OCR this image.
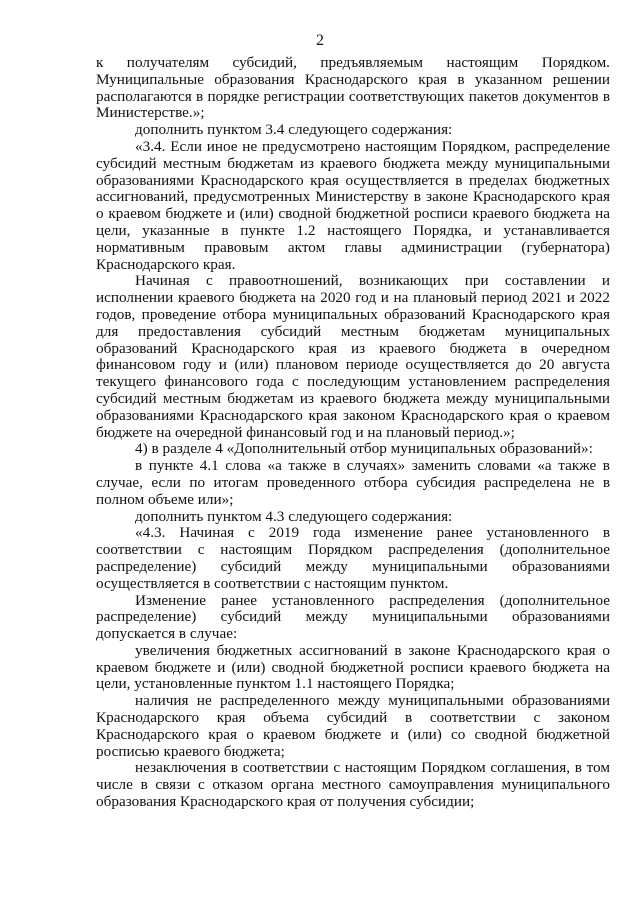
2

к получателям субсидий, предъявляемым настоящим Порядком. Муниципальные образования Краснодарского края в указанном решении располагаются в порядке регистрации соответствующих пакетов документов в Министерстве.»;

дополнить пунктом 3.4 следующего содержания:

«3.4. Если иное не предусмотрено настоящим Порядком, распределение субсидий местным бюджетам из краевого бюджета между муниципальными образованиями Краснодарского края осуществляется в пределах бюджетных ассигнований, предусмотренных Министерству в законе Краснодарского края о краевом бюджете и (или) сводной бюджетной росписи краевого бюджета на цели, указанные в пункте 1.2 настоящего Порядка, и устанавливается нормативным правовым актом главы администрации (губернатора) Краснодарского края.

Начиная с правоотношений, возникающих при составлении и исполнении краевого бюджета на 2020 год и на плановый период 2021 и 2022 годов, проведение отбора муниципальных образований Краснодарского края для предоставления субсидий местным бюджетам муниципальных образований Краснодарского края из краевого бюджета в очередном финансовом году и (или) плановом периоде осуществляется до 20 августа текущего финансового года с последующим установлением распределения субсидий местным бюджетам из краевого бюджета между муниципальными образованиями Краснодарского края законом Краснодарского края о краевом бюджете на очередной финансовый год и на плановый период.»;

4) в разделе 4 «Дополнительный отбор муниципальных образований»:

в пункте 4.1 слова «а также в случаях» заменить словами «а также в случае, если по итогам проведенного отбора субсидия распределена не в полном объеме или»;

дополнить пунктом 4.3 следующего содержания:

«4.3. Начиная с 2019 года изменение ранее установленного в соответствии с настоящим Порядком распределения (дополнительное распределение) субсидий между муниципальными образованиями осуществляется в соответствии с настоящим пунктом.

Изменение ранее установленного распределения (дополнительное распределение) субсидий между муниципальными образованиями допускается в случае:

увеличения бюджетных ассигнований в законе Краснодарского края о краевом бюджете и (или) сводной бюджетной росписи краевого бюджета на цели, установленные пунктом 1.1 настоящего Порядка;

наличия не распределенного между муниципальными образованиями Краснодарского края объема субсидий в соответствии с законом Краснодарского края о краевом бюджете и (или) со сводной бюджетной росписью краевого бюджета;

незаключения в соответствии с настоящим Порядком соглашения, в том числе в связи с отказом органа местного самоуправления муниципального образования Краснодарского края от получения субсидии;
